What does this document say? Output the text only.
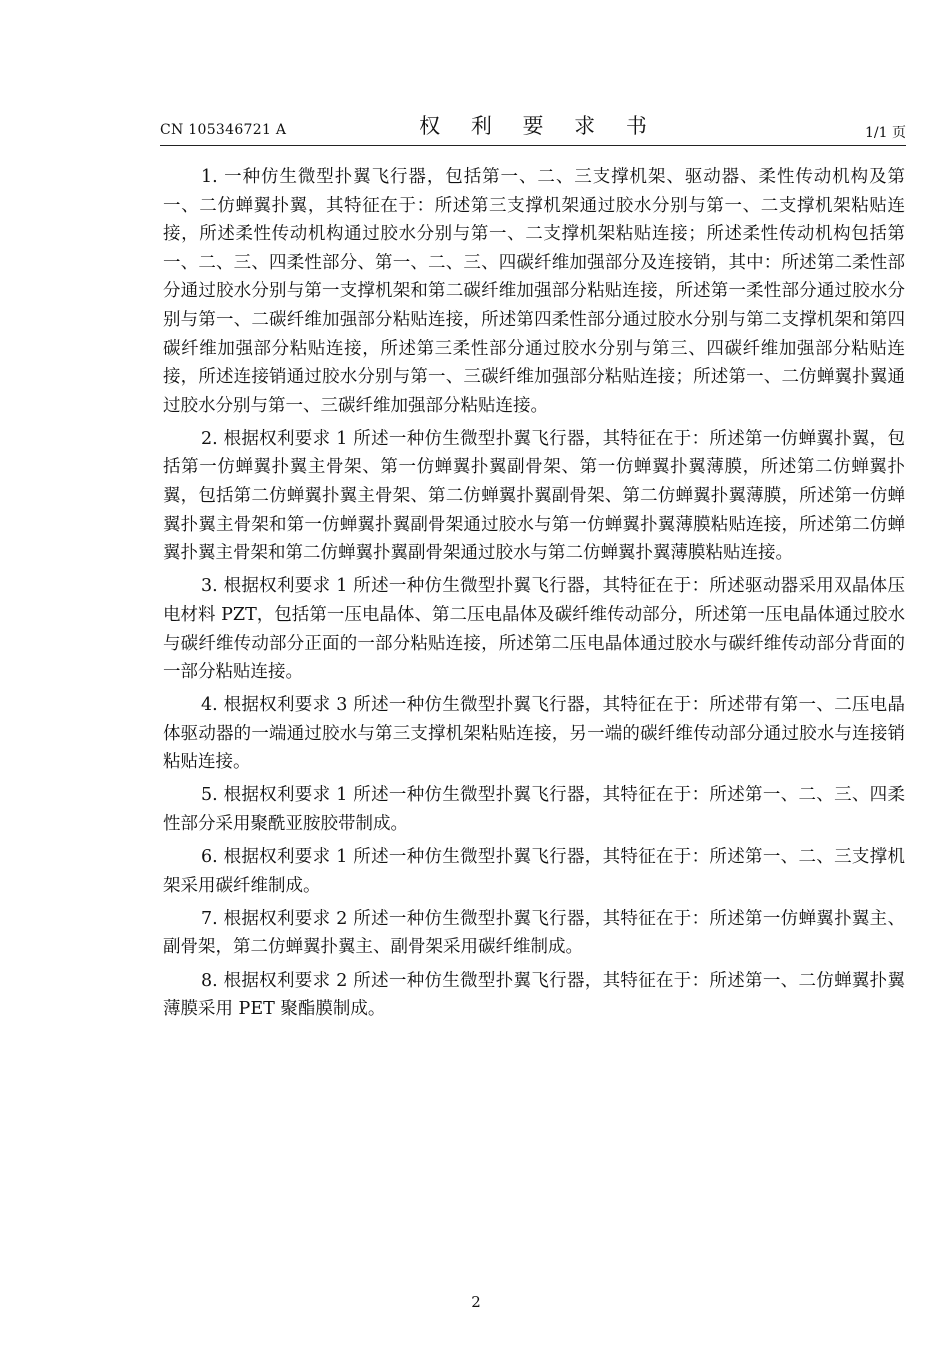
CN 105346721 A	权 利 要 求 书	1/1 页

1. 一种仿生微型扑翼飞行器，包括第一、二、三支撑机架、驱动器、柔性传动机构及第一、二仿蝉翼扑翼，其特征在于：所述第三支撑机架通过胶水分别与第一、二支撑机架粘贴连接，所述柔性传动机构通过胶水分别与第一、二支撑机架粘贴连接；所述柔性传动机构包括第一、二、三、四柔性部分、第一、二、三、四碳纤维加强部分及连接销，其中：所述第二柔性部分通过胶水分别与第一支撑机架和第二碳纤维加强部分粘贴连接，所述第一柔性部分通过胶水分别与第一、二碳纤维加强部分粘贴连接，所述第四柔性部分通过胶水分别与第二支撑机架和第四碳纤维加强部分粘贴连接，所述第三柔性部分通过胶水分别与第三、四碳纤维加强部分粘贴连接，所述连接销通过胶水分别与第一、三碳纤维加强部分粘贴连接；所述第一、二仿蝉翼扑翼通过胶水分别与第一、三碳纤维加强部分粘贴连接。

2. 根据权利要求 1 所述一种仿生微型扑翼飞行器，其特征在于：所述第一仿蝉翼扑翼，包括第一仿蝉翼扑翼主骨架、第一仿蝉翼扑翼副骨架、第一仿蝉翼扑翼薄膜，所述第二仿蝉翼扑翼，包括第二仿蝉翼扑翼主骨架、第二仿蝉翼扑翼副骨架、第二仿蝉翼扑翼薄膜，所述第一仿蝉翼扑翼主骨架和第一仿蝉翼扑翼副骨架通过胶水与第一仿蝉翼扑翼薄膜粘贴连接，所述第二仿蝉翼扑翼主骨架和第二仿蝉翼扑翼副骨架通过胶水与第二仿蝉翼扑翼薄膜粘贴连接。

3. 根据权利要求 1 所述一种仿生微型扑翼飞行器，其特征在于：所述驱动器采用双晶体压电材料 PZT，包括第一压电晶体、第二压电晶体及碳纤维传动部分，所述第一压电晶体通过胶水与碳纤维传动部分正面的一部分粘贴连接，所述第二压电晶体通过胶水与碳纤维传动部分背面的一部分粘贴连接。

4. 根据权利要求 3 所述一种仿生微型扑翼飞行器，其特征在于：所述带有第一、二压电晶体驱动器的一端通过胶水与第三支撑机架粘贴连接，另一端的碳纤维传动部分通过胶水与连接销粘贴连接。

5. 根据权利要求 1 所述一种仿生微型扑翼飞行器，其特征在于：所述第一、二、三、四柔性部分采用聚酰亚胺胶带制成。

6. 根据权利要求 1 所述一种仿生微型扑翼飞行器，其特征在于：所述第一、二、三支撑机架采用碳纤维制成。

7. 根据权利要求 2 所述一种仿生微型扑翼飞行器，其特征在于：所述第一仿蝉翼扑翼主、副骨架，第二仿蝉翼扑翼主、副骨架采用碳纤维制成。

8. 根据权利要求 2 所述一种仿生微型扑翼飞行器，其特征在于：所述第一、二仿蝉翼扑翼薄膜采用 PET 聚酯膜制成。

2
